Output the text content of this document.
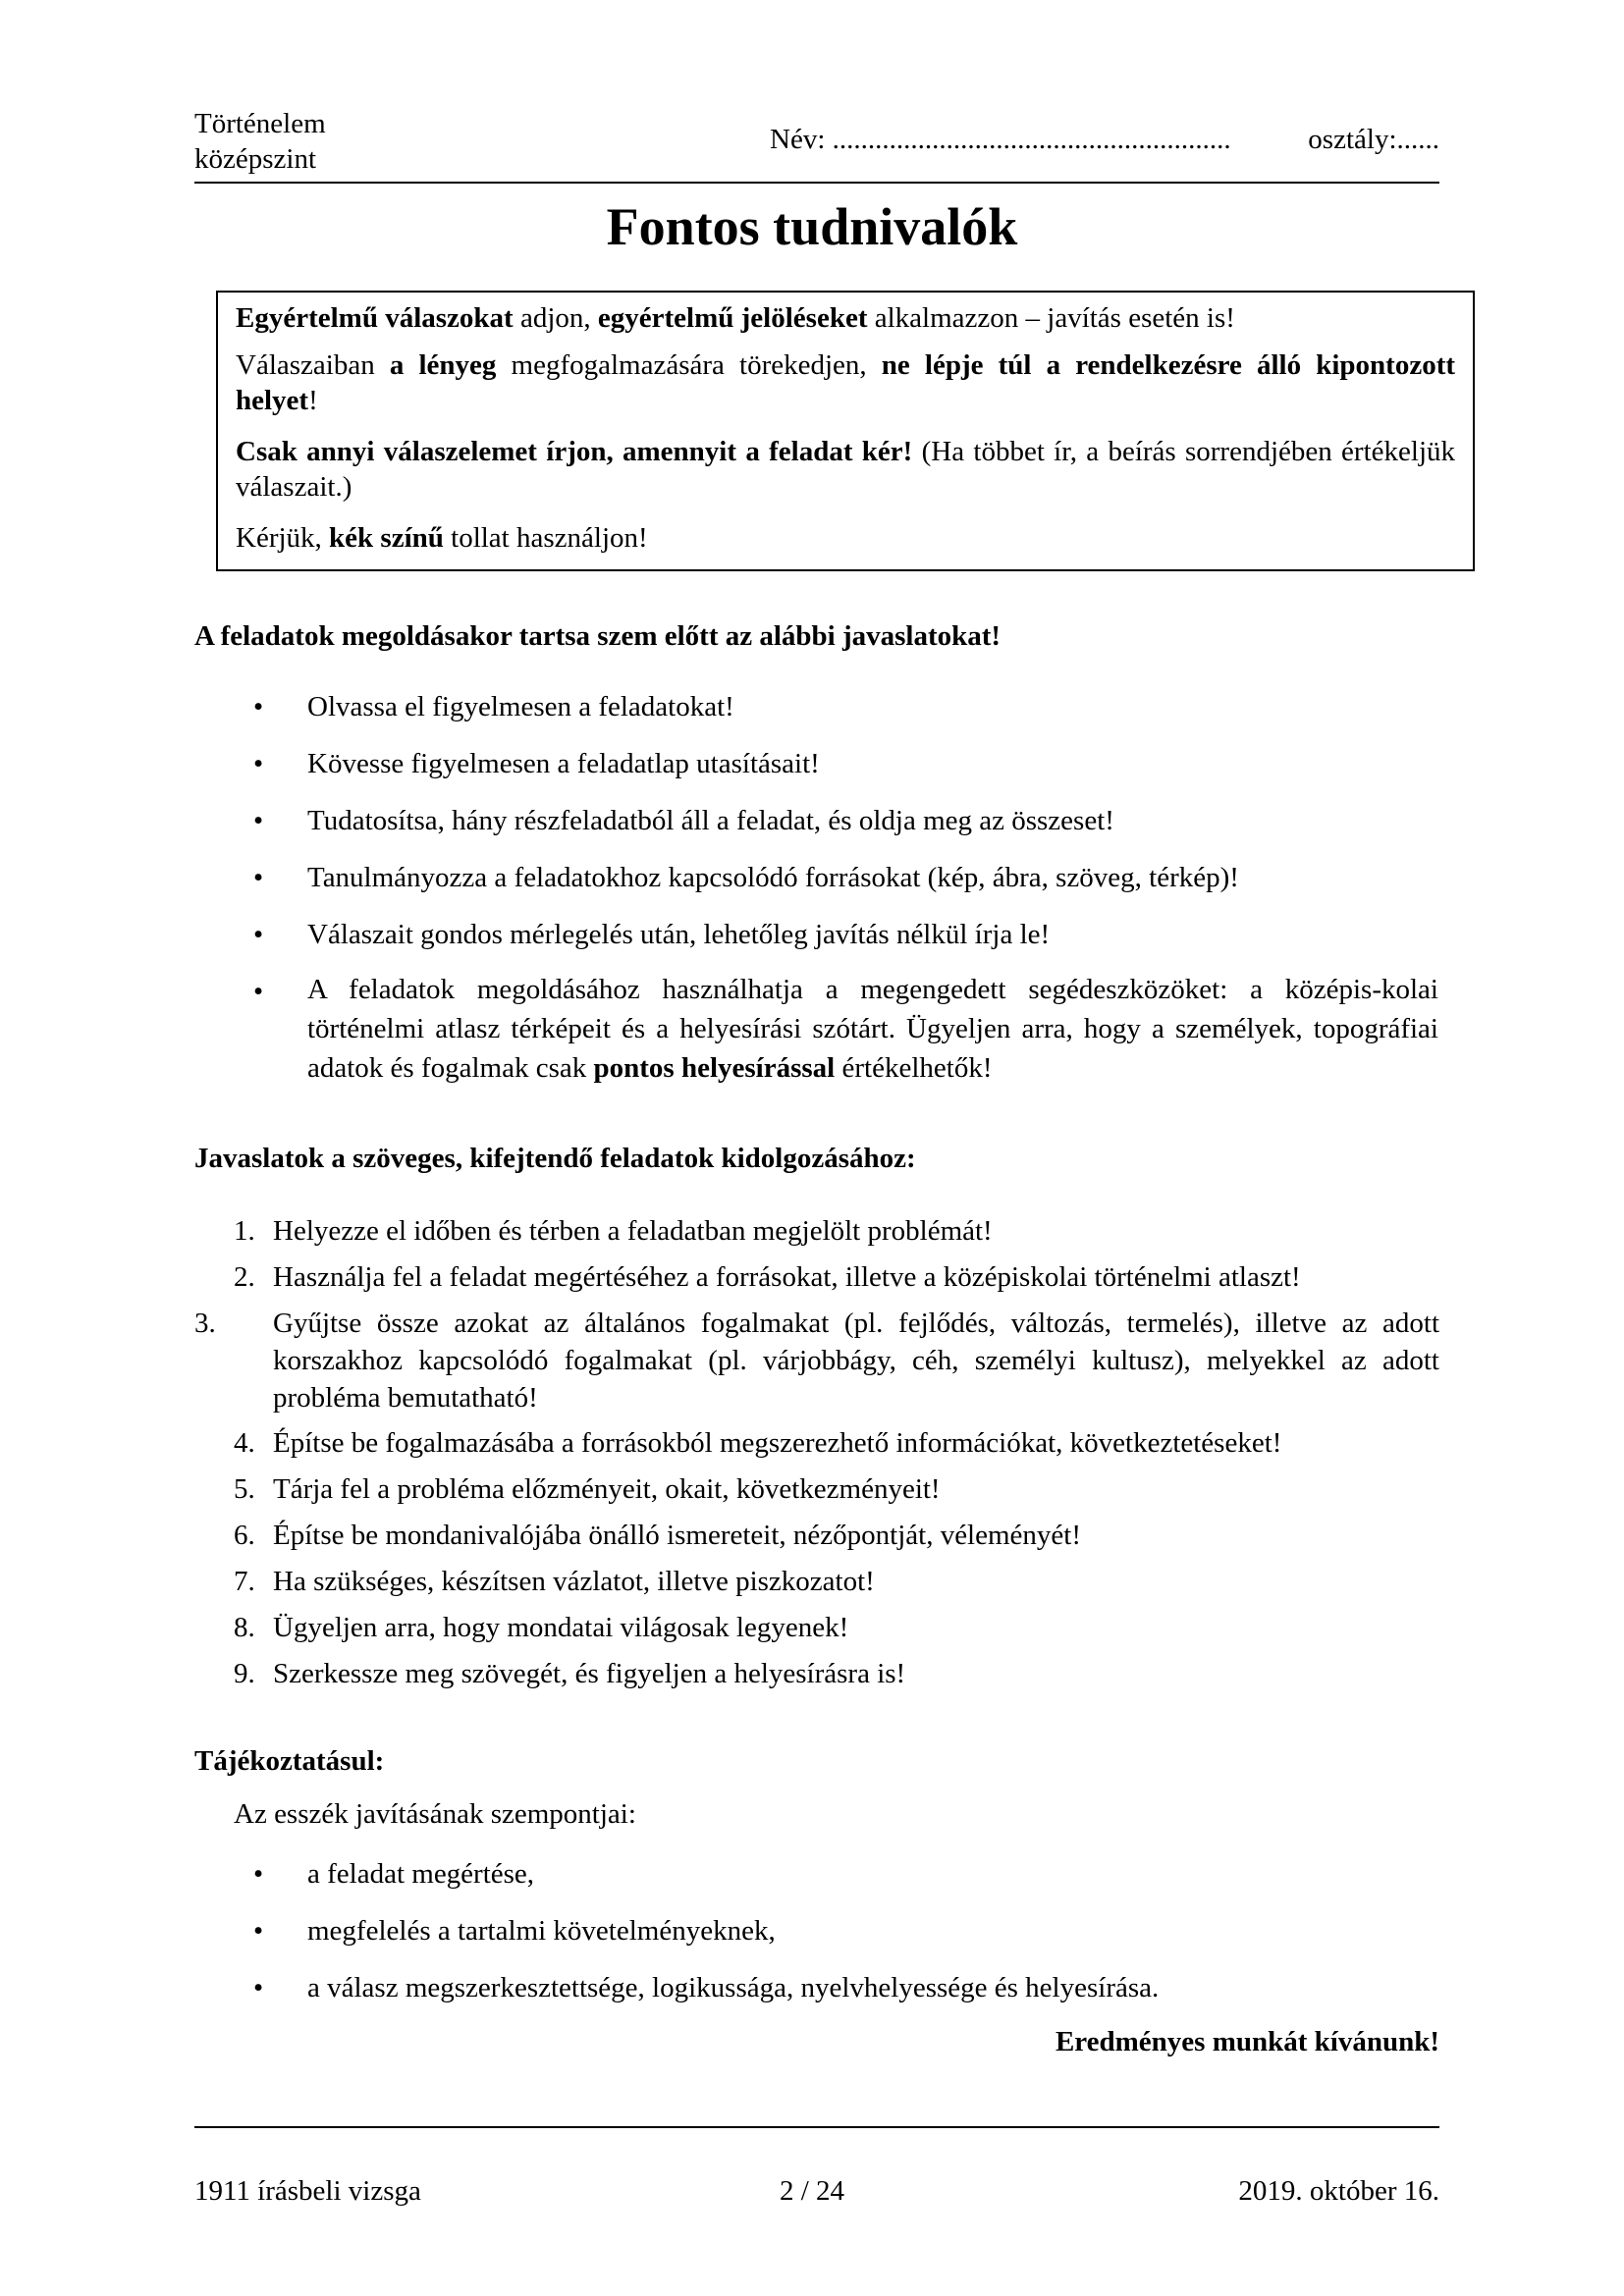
Történelem
középszint
Név: ........................................................	osztály:......
Fontos tudnivalók

Egyértelmű válaszokat adjon, egyértelmű jelöléseket alkalmazzon – javítás esetén is!

Válaszaiban a lényeg megfogalmazására törekedjen, ne lépje túl a rendelkezésre álló kipontozott helyet!

Csak annyi válaszelemet írjon, amennyit a feladat kér! (Ha többet ír, a beírás sorrendjében értékeljük válaszait.)

Kérjük, kék színű tollat használjon!

A feladatok megoldásakor tartsa szem előtt az alábbi javaslatokat!
• Olvassa el figyelmesen a feladatokat!
• Kövesse figyelmesen a feladatlap utasításait!
• Tudatosítsa, hány részfeladatból áll a feladat, és oldja meg az összeset!
• Tanulmányozza a feladatokhoz kapcsolódó forrásokat (kép, ábra, szöveg, térkép)!
• Válaszait gondos mérlegelés után, lehetőleg javítás nélkül írja le!
• A feladatok megoldásához használhatja a megengedett segédeszközöket: a középis-kolai történelmi atlasz térképeit és a helyesírási szótárt. Ügyeljen arra, hogy a személyek, topográfiai adatok és fogalmak csak pontos helyesírással értékelhetők!
Javaslatok a szöveges, kifejtendő feladatok kidolgozásához:
1. Helyezze el időben és térben a feladatban megjelölt problémát!
2. Használja fel a feladat megértéséhez a forrásokat, illetve a középiskolai történelmi atlaszt!
3. Gyűjtse össze azokat az általános fogalmakat (pl. fejlődés, változás, termelés), illetve az adott korszakhoz kapcsolódó fogalmakat (pl. várjobbágy, céh, személyi kultusz), melyekkel az adott probléma bemutatható!
4. Építse be fogalmazásába a forrásokból megszerezhető információkat, következtetéseket!
5. Tárja fel a probléma előzményeit, okait, következményeit!
6. Építse be mondanivalójába önálló ismereteit, nézőpontját, véleményét!
7. Ha szükséges, készítsen vázlatot, illetve piszkozatot!
8. Ügyeljen arra, hogy mondatai világosak legyenek!
9. Szerkessze meg szövegét, és figyeljen a helyesírásra is!
Tájékoztatásul:
Az esszék javításának szempontjai:
• a feladat megértése,
• megfelelés a tartalmi követelményeknek,
• a válasz megszerkesztettsége, logikussága, nyelvhelyessége és helyesírása.
Eredményes munkát kívánunk!
1911 írásbeli vizsga	2 / 24	2019. október 16.
